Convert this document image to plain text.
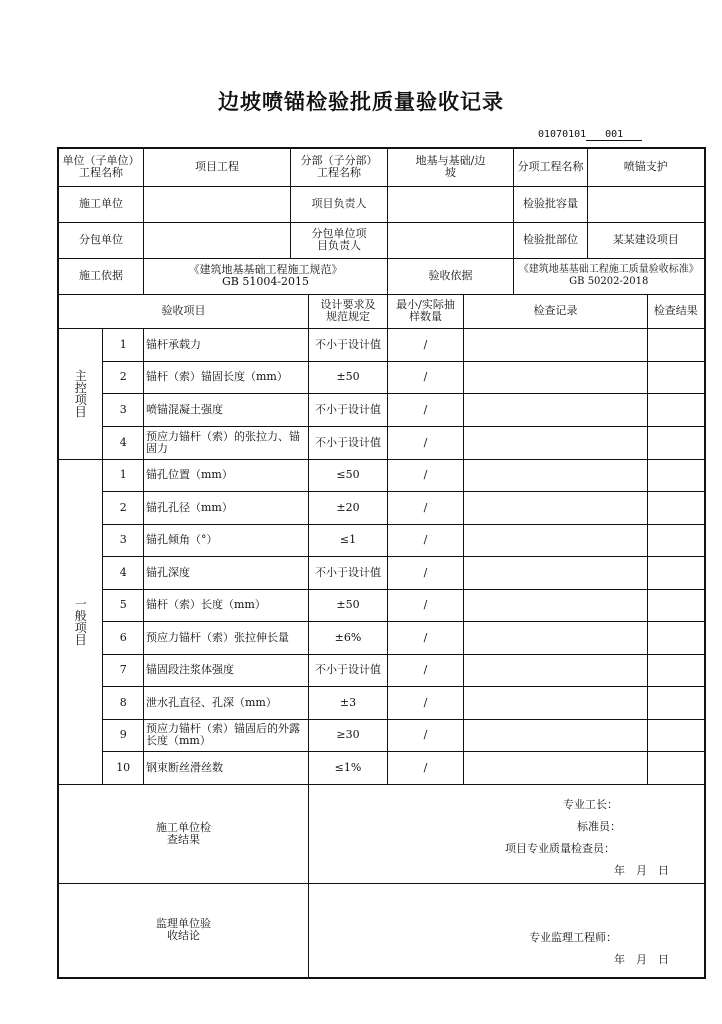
边坡喷锚检验批质量验收记录
01070101 001
单位（子单位）工程名称		项目工程	分部（子分部）工程名称		地基与基础/边坡		分项工程名称	喷锚支护	
施工单位			项目负责人				检验批容量		
分包单位			分包单位项目负责人				检验批部位	某某建设项目	
施工依据		《建筑地基基础工程施工规范》GB 51004-2015			验收依据		《建筑地基基础工程施工质量验收标准》GB 50202-2018		

验收项目				设计要求及规范规定	最小/实际抽样数量	检查记录			检查结果
主控项目	1	锚杆承载力		不小于设计值	/				
	2	锚杆（索）锚固长度（mm）		±50	/				
	3	喷锚混凝土强度		不小于设计值	/				
	4	预应力锚杆（索）的张拉力、锚固力		不小于设计值	/				
一般项目	1	锚孔位置（mm）		≤50	/				
	2	锚孔孔径（mm）		±20	/				
	3	锚孔倾角（°）		≤1	/				
	4	锚孔深度		不小于设计值	/				
	5	锚杆（索）长度（mm）		±50	/				
	6	预应力锚杆（索）张拉伸长量		±6%	/				
	7	锚固段注浆体强度		不小于设计值	/				
	8	泄水孔直径、孔深（mm）		±3	/				
	9	预应力锚杆（索）锚固后的外露长度（mm）		≥30	/				
	10	钢束断丝滑丝数		≤1%	/				

施工单位检查结果				专业工长：
标准员：
项目专业质量检查员：
年　月　日					

监理单位验收结论				专业监理工程师：
年　月　日					
